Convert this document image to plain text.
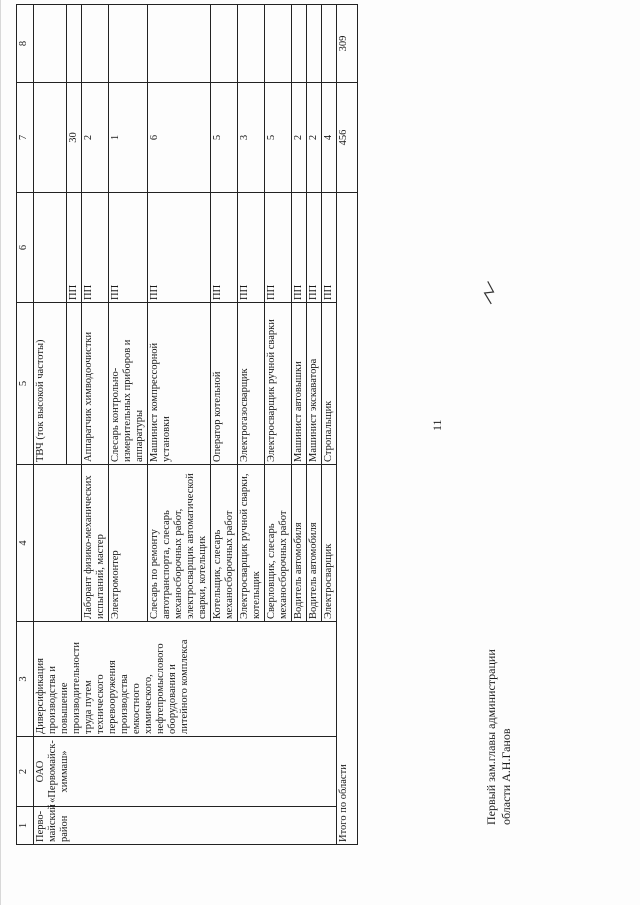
11
1	2	3	4	5	6	7	8
Перво-майский район	ОАО «Первомайск-химмаш»	Диверсификация производства и повышение производительности труда путем технического перевооружения производства емкостного химического, нефтепромыслового оборудования и литейного комплекса		ТВЧ (ток высокой частоты)			
					ПП	30	
			Лаборант физико-механических испытаний, мастер	Аппаратчик химводоочистки	ПП	2	
			Электромонтер	Слесарь контрольно-измерительных приборов и аппаратуры	ПП	1	
			Слесарь по ремонту автотранспорта, слесарь механосборочных работ, электросварщик автоматической сварки, котельщик	Машинист компрессорной установки	ПП	6	
			Котельщик, слесарь механосборочных работ	Оператор котельной	ПП	5	
			Электросварщик ручной сварки, котельщик	Электрогазосварщик	ПП	3	
			Сверловщик, слесарь механосборочных работ	Электросварщик ручной сварки	ПП	5	
			Водитель автомобиля	Машинист автовышки	ПП	2	
			Водитель автомобиля	Машинист экскаватора	ПП	2	
			Электросварщик	Стропальщик	ПП	4	
Итого по области						456	309
Первый зам.главы администрации области А.Н.Ганов
